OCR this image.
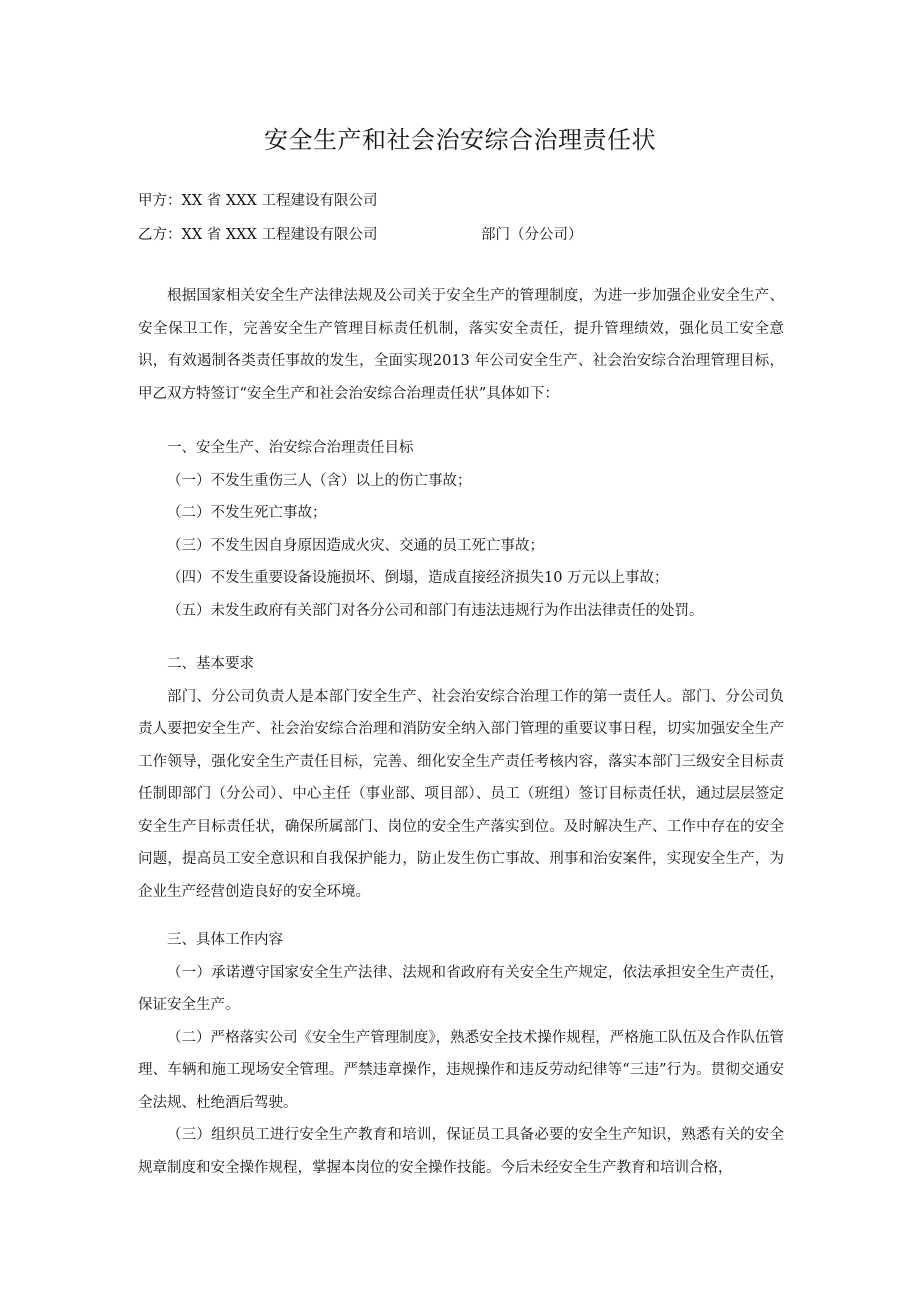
安全生产和社会治安综合治理责任状
甲方：XX 省 XXX 工程建设有限公司
乙方：XX 省 XXX 工程建设有限公司	部门（分公司）

根据国家相关安全生产法律法规及公司关于安全生产的管理制度，为进一步加强企业安全生产、安全保卫工作，完善安全生产管理目标责任机制，落实安全责任，提升管理绩效，强化员工安全意识，有效遏制各类责任事故的发生，全面实现2013 年公司安全生产、社会治安综合治理管理目标，甲乙双方特签订“安全生产和社会治安综合治理责任状”具体如下：

一、安全生产、治安综合治理责任目标

（一）不发生重伤三人（含）以上的伤亡事故；

（二）不发生死亡事故；

（三）不发生因自身原因造成火灾、交通的员工死亡事故；

（四）不发生重要设备设施损坏、倒塌，造成直接经济损失10 万元以上事故；

（五）未发生政府有关部门对各分公司和部门有违法违规行为作出法律责任的处罚。

二、基本要求

部门、分公司负责人是本部门安全生产、社会治安综合治理工作的第一责任人。部门、分公司负责人要把安全生产、社会治安综合治理和消防安全纳入部门管理的重要议事日程，切实加强安全生产工作领导，强化安全生产责任目标，完善、细化安全生产责任考核内容，落实本部门三级安全目标责任制即部门（分公司）、中心主任（事业部、项目部）、员工（班组）签订目标责任状，通过层层签定安全生产目标责任状，确保所属部门、岗位的安全生产落实到位。及时解决生产、工作中存在的安全问题，提高员工安全意识和自我保护能力，防止发生伤亡事故、刑事和治安案件，实现安全生产，为企业生产经营创造良好的安全环境。

三、具体工作内容

（一）承诺遵守国家安全生产法律、法规和省政府有关安全生产规定，依法承担安全生产责任，保证安全生产。

（二）严格落实公司《安全生产管理制度》，熟悉安全技术操作规程，严格施工队伍及合作队伍管理、车辆和施工现场安全管理。严禁违章操作，违规操作和违反劳动纪律等“三违”行为。贯彻交通安全法规、杜绝酒后驾驶。

（三）组织员工进行安全生产教育和培训，保证员工具备必要的安全生产知识，熟悉有关的安全规章制度和安全操作规程，掌握本岗位的安全操作技能。今后未经安全生产教育和培训合格，
